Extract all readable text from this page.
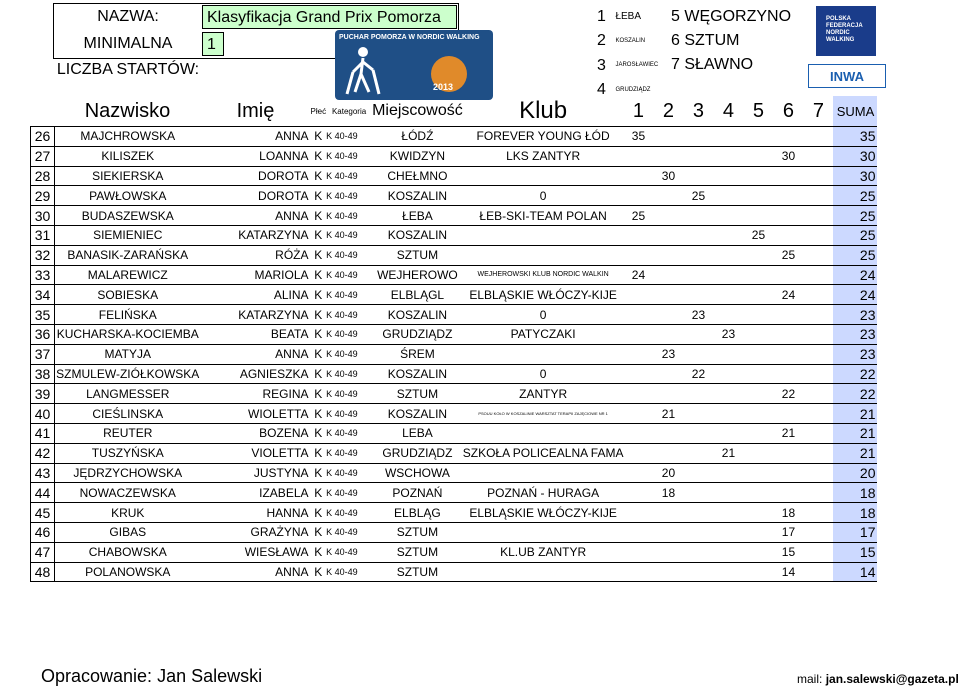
NAZWA:	Klasyfikacja Grand Prix Pomorza
MINIMALNA LICZBA STARTÓW:
1	PUCHAR POMORZA W NORDIC WALKING
2013
1 ŁEBA
2 KOSZALIN
3 JAROSŁAWIEC
4 GRUDZIĄDZ
5 WĘGORZYNO
6 SZTUM
7 SŁAWNO
POLSKA FEDERACJA NORDIC WALKING
INWA
	Nazwisko	Imię	Płeć	Kategoria	Miejscowość	Klub	1	2	3	4	5	6	7	SUMA
26	MAJCHROWSKA	ANNA	K	K 40-49	ŁÓDŹ	FOREVER YOUNG ŁÓD	35							35
27	KILISZEK	LOANNA	K	K 40-49	KWIDZYN	LKS ZANTYR						30		30
28	SIEKIERSKA	DOROTA	K	K 40-49	CHEŁMNO			30						30
29	PAWŁOWSKA	DOROTA	K	K 40-49	KOSZALIN	0			25					25
30	BUDASZEWSKA	ANNA	K	K 40-49	ŁEBA	ŁEB-SKI-TEAM POLAN	25							25
31	SIEMIENIEC	KATARZYNA	K	K 40-49	KOSZALIN						25			25
32	BANASIK-ZARAŃSKA	RÓŻA	K	K 40-49	SZTUM							25		25
33	MALAREWICZ	MARIOLA	K	K 40-49	WEJHEROWO	WEJHEROWSKI KLUB NORDIC WALKIN	24							24
34	SOBIESKA	ALINA	K	K 40-49	ELBLĄGL	ELBLĄSKIE WŁÓCZY-KIJE						24		24
35	FELIŃSKA	KATARZYNA	K	K 40-49	KOSZALIN	0			23					23
36	KUCHARSKA-KOCIEMBA	BEATA	K	K 40-49	GRUDZIĄDZ	PATYCZAKI				23				23
37	MATYJA	ANNA	K	K 40-49	ŚREM			23						23
38	SZMULEW-ZIÓŁKOWSKA	AGNIESZKA	K	K 40-49	KOSZALIN	0			22					22
39	LANGMESSER	REGINA	K	K 40-49	SZTUM	ZANTYR						22		22
40	CIEŚLINSKA	WIOLETTA	K	K 40-49	KOSZALIN	PSOUU KOŁO W KOSZALINIE WARSZTAT TERAPII ZAJĘCIOWE NR 1		21						21
41	REUTER	BOZENA	K	K 40-49	LEBA							21		21
42	TUSZYŃSKA	VIOLETTA	K	K 40-49	GRUDZIĄDZ	SZKOŁA POLICEALNA FAMA				21				21
43	JĘDRZYCHOWSKA	JUSTYNA	K	K 40-49	WSCHOWA			20						20
44	NOWACZEWSKA	IZABELA	K	K 40-49	POZNAŃ	POZNAŃ - HURAGA		18						18
45	KRUK	HANNA	K	K 40-49	ELBLĄG	ELBLĄSKIE WŁÓCZY-KIJE						18		18
46	GIBAS	GRAŻYNA	K	K 40-49	SZTUM							17		17
47	CHABOWSKA	WIESŁAWA	K	K 40-49	SZTUM	KL.UB ZANTYR						15		15
48	POLANOWSKA	ANNA	K	K 40-49	SZTUM							14		14
Opracowanie: Jan Salewski	mail: jan.salewski@gazeta.pl
